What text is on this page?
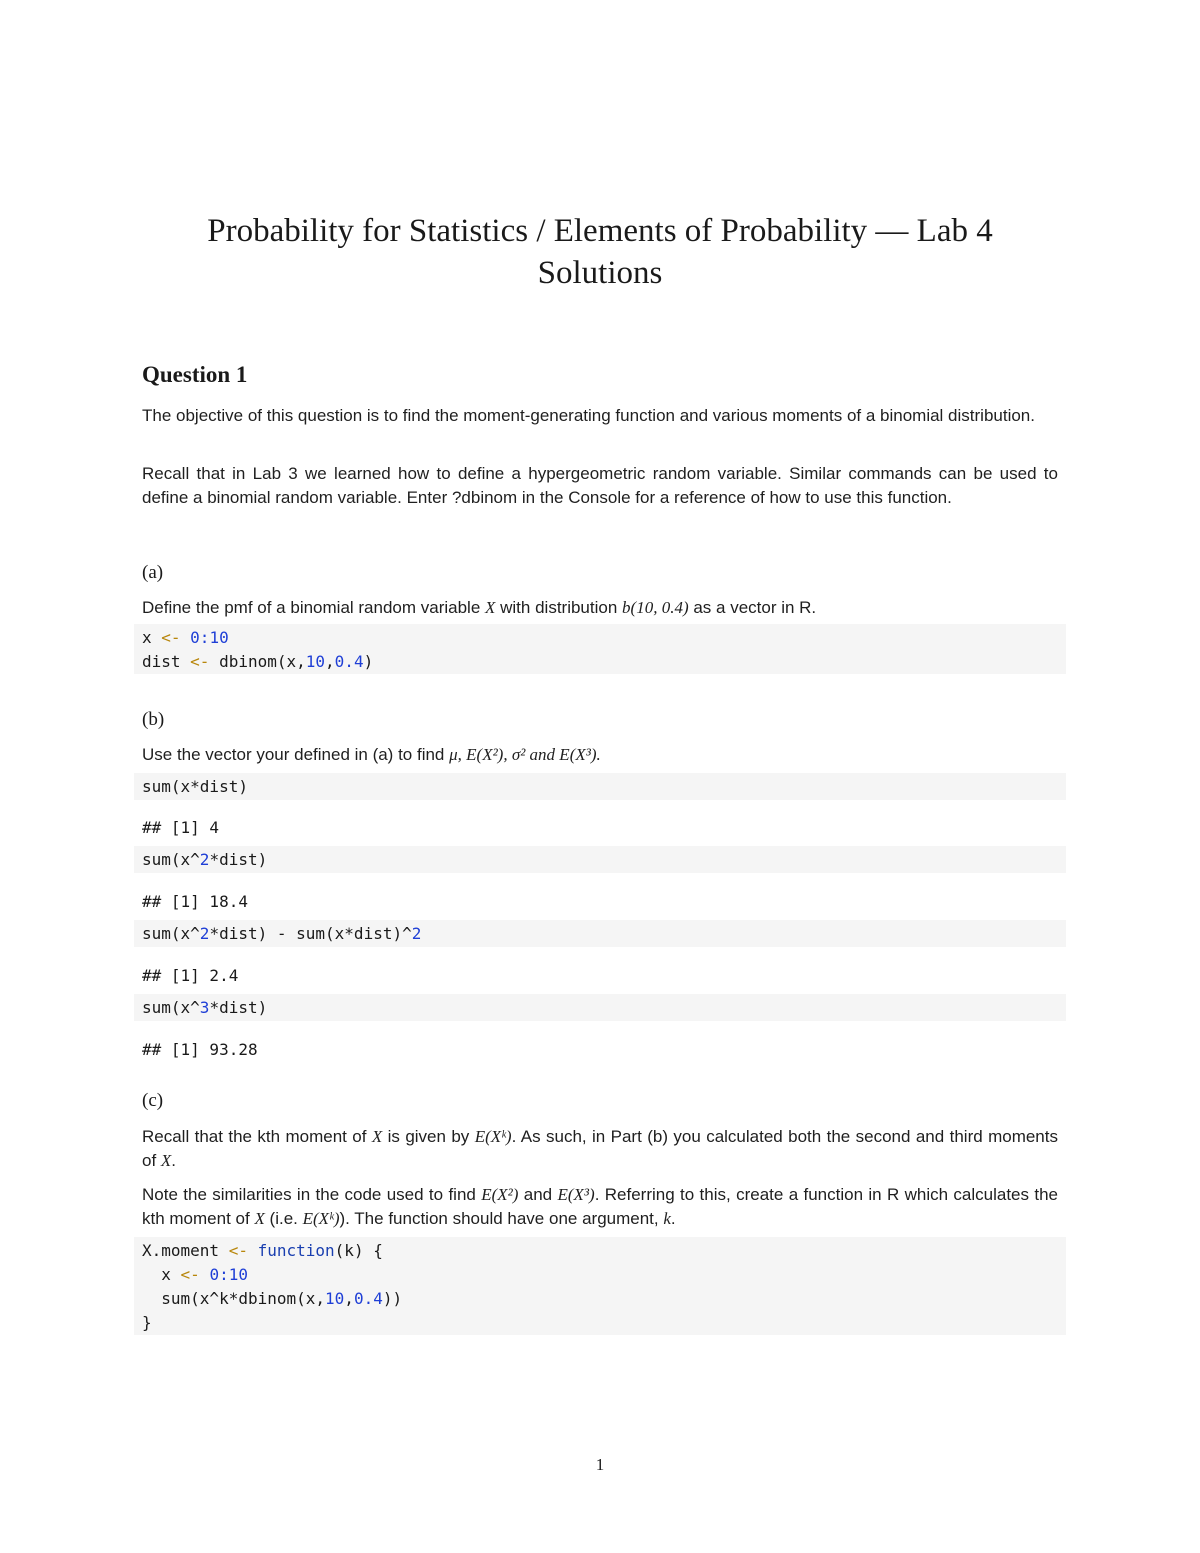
Probability for Statistics / Elements of Probability — Lab 4
Solutions
Question 1

The objective of this question is to find the moment-generating function and various moments of a binomial distribution.

Recall that in Lab 3 we learned how to define a hypergeometric random variable. Similar commands can be used to define a binomial random variable. Enter ?dbinom in the Console for a reference of how to use this function.

(a)

Define the pmf of a binomial random variable X with distribution b(10, 0.4) as a vector in R.

x <- 0:10
dist <- dbinom(x,10,0.4)
(b)

Use the vector your defined in (a) to find μ, E(X²), σ² and E(X³).

sum(x*dist)
## [1] 4
sum(x^2*dist)
## [1] 18.4
sum(x^2*dist) - sum(x*dist)^2
## [1] 2.4
sum(x^3*dist)
## [1] 93.28
(c)

Recall that the kth moment of X is given by E(Xᵏ). As such, in Part (b) you calculated both the second and third moments of X.

Note the similarities in the code used to find E(X²) and E(X³). Referring to this, create a function in R which calculates the kth moment of X (i.e. E(Xᵏ)). The function should have one argument, k.

X.moment <- function(k) {
x <- 0:10
sum(x^k*dbinom(x,10,0.4))
}
1
